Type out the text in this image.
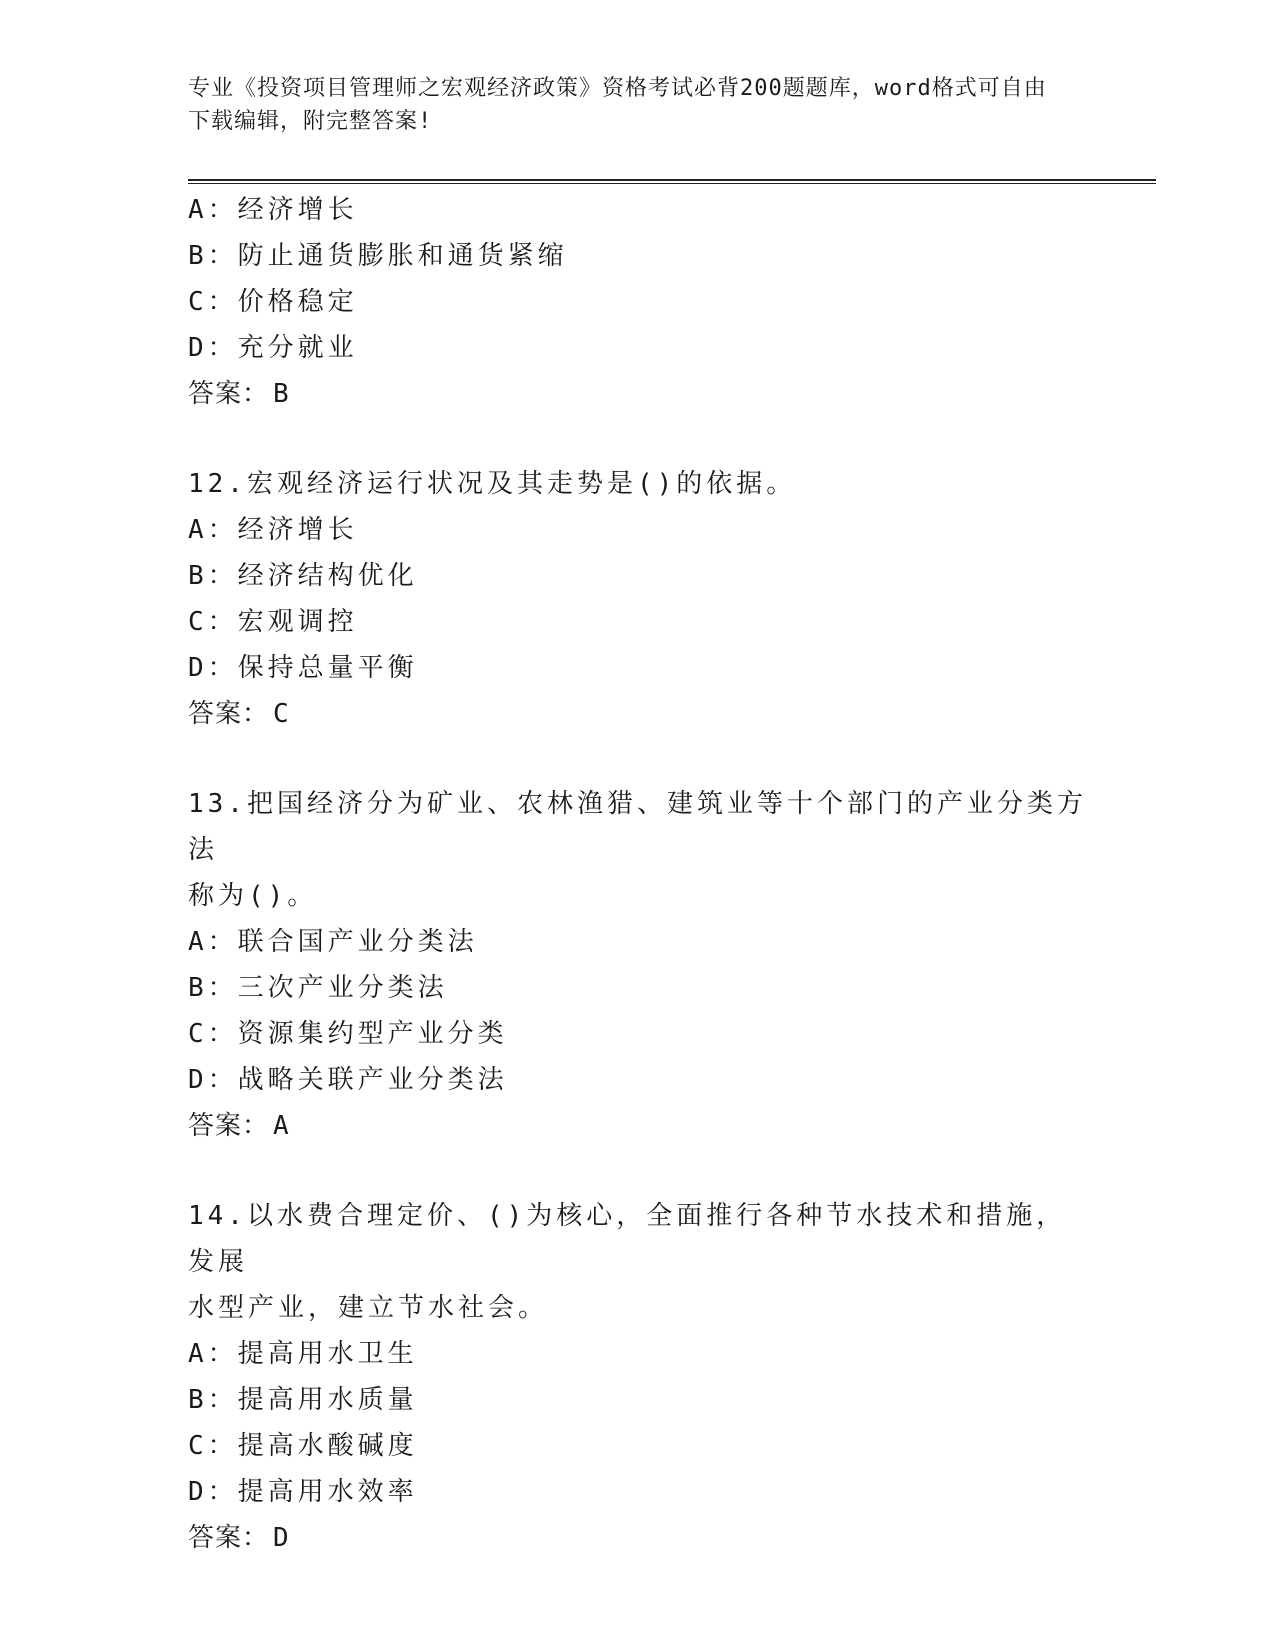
专业《投资项目管理师之宏观经济政策》资格考试必背200题题库，word格式可自由下载编辑，附完整答案!
A：经济增长
B：防止通货膨胀和通货紧缩
C：价格稳定
D：充分就业
答案： B
12.宏观经济运行状况及其走势是()的依据。
A：经济增长
B：经济结构优化
C：宏观调控
D：保持总量平衡
答案： C
13.把国经济分为矿业、农林渔猎、建筑业等十个部门的产业分类方法
称为()。
A：联合国产业分类法
B：三次产业分类法
C：资源集约型产业分类
D：战略关联产业分类法
答案： A
14.以水费合理定价、()为核心，全面推行各种节水技术和措施，发展
水型产业，建立节水社会。
A：提高用水卫生
B：提高用水质量
C：提高水酸碱度
D：提高用水效率
答案： D
